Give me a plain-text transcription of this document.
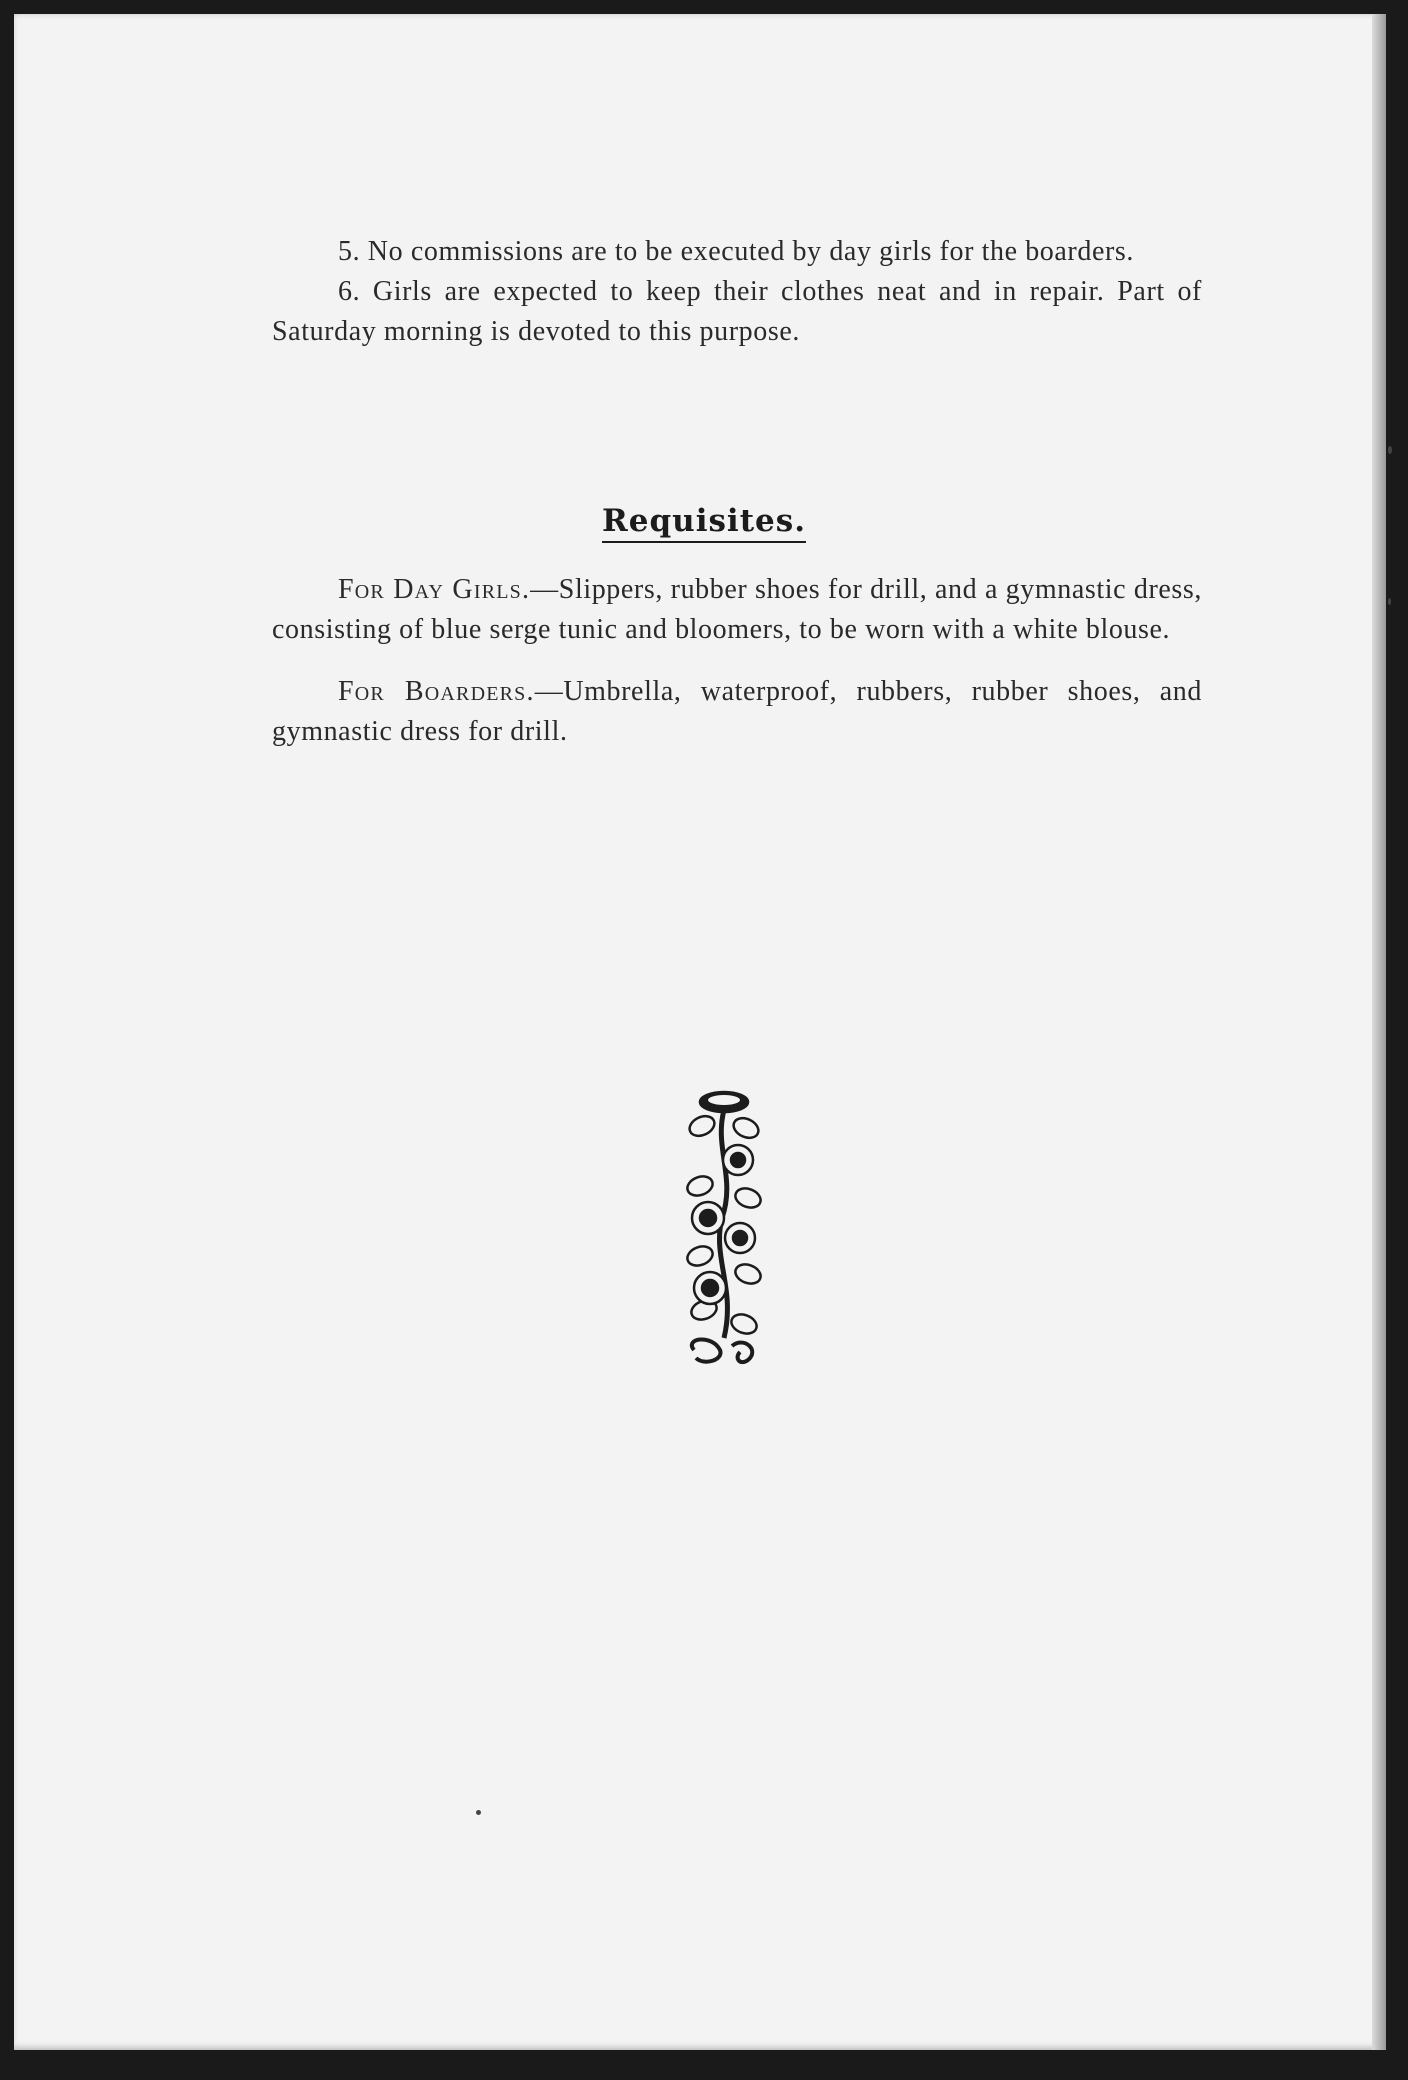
5. No commissions are to be executed by day girls for the boarders.

6. Girls are expected to keep their clothes neat and in repair. Part of Saturday morning is devoted to this purpose.

Requisites.

For Day Girls.—Slippers, rubber shoes for drill, and a gymnastic dress, consisting of blue serge tunic and bloomers, to be worn with a white blouse.

For Boarders.—Umbrella, waterproof, rubbers, rubber shoes, and gymnastic dress for drill.
